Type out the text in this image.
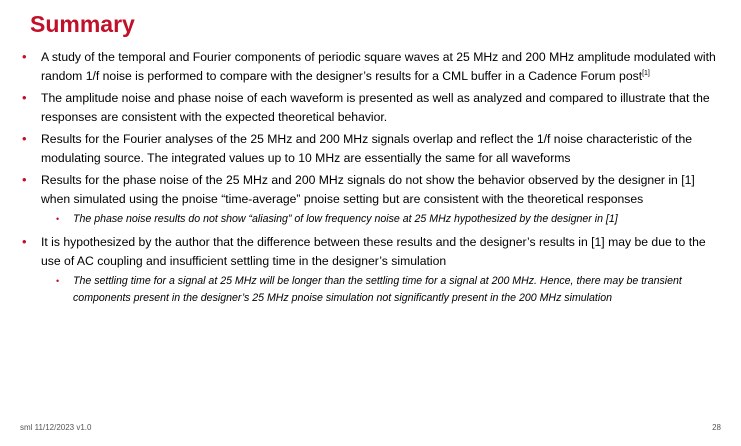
Summary
• A study of the temporal and Fourier components of periodic square waves at 25 MHz and 200 MHz amplitude modulated with random 1/f noise is performed to compare with the designer’s results for a CML buffer in a Cadence Forum post[1]
• The amplitude noise and phase noise of each waveform is presented as well as analyzed and compared to illustrate that the responses are consistent with the expected theoretical behavior.
• Results for the Fourier analyses of the 25 MHz and 200 MHz signals overlap and reflect the 1/f noise characteristic of the modulating source. The integrated values up to 10 MHz are essentially the same for all waveforms
• Results for the phase noise of the 25 MHz and 200 MHz signals do not show the behavior observed by the designer in [1] when simulated using the pnoise “time-average” pnoise setting but are consistent with the theoretical responses
• The phase noise results do not show “aliasing” of low frequency noise at 25 MHz hypothesized by the designer in [1]
• It is hypothesized by the author that the difference between these results and the designer’s results in [1] may be due to the use of AC coupling and insufficient settling time in the designer’s simulation
• The settling time for a signal at 25 MHz will be longer than the settling time for a signal at 200 MHz. Hence, there may be transient components present in the designer’s 25 MHz pnoise simulation not significantly present in the 200 MHz simulation
sml 11/12/2023 v1.0	28
